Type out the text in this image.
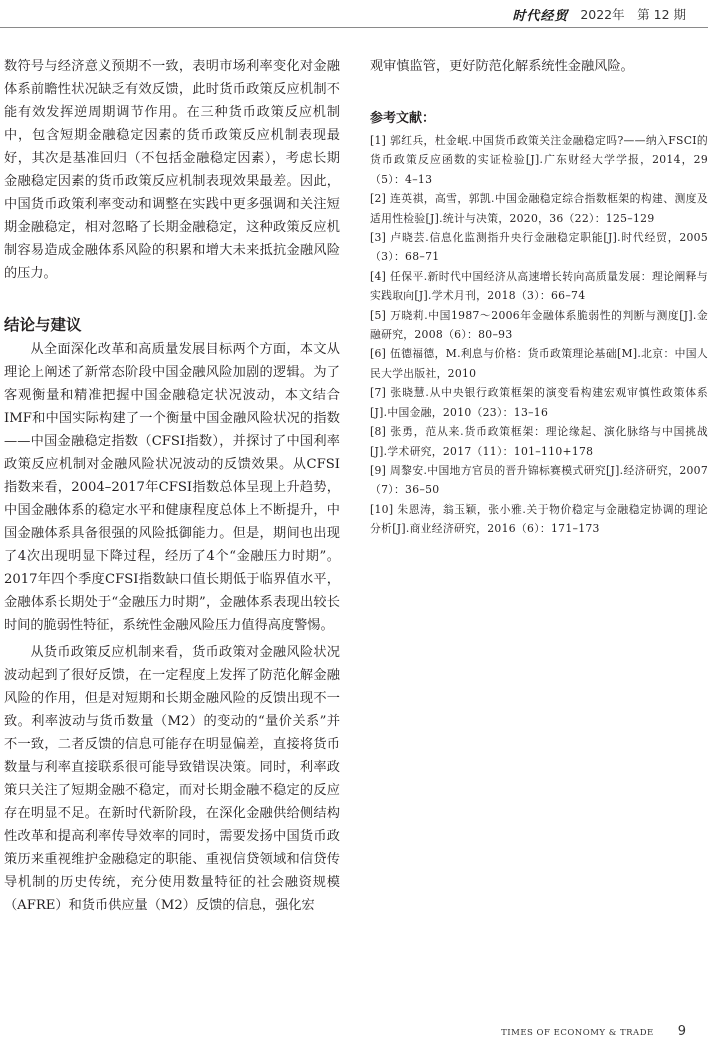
时代经贸 2022年　第 12 期

数符号与经济意义预期不一致，表明市场利率变化对金融体系前瞻性状况缺乏有效反馈，此时货币政策反应机制不能有效发挥逆周期调节作用。在三种货币政策反应机制中，包含短期金融稳定因素的货币政策反应机制表现最好，其次是基准回归（不包括金融稳定因素），考虑长期金融稳定因素的货币政策反应机制表现效果最差。因此，中国货币政策利率变动和调整在实践中更多强调和关注短期金融稳定，相对忽略了长期金融稳定，这种政策反应机制容易造成金融体系风险的积累和增大未来抵抗金融风险的压力。

结论与建议

从全面深化改革和高质量发展目标两个方面，本文从理论上阐述了新常态阶段中国金融风险加剧的逻辑。为了客观衡量和精准把握中国金融稳定状况波动，本文结合IMF和中国实际构建了一个衡量中国金融风险状况的指数——中国金融稳定指数（CFSI指数），并探讨了中国利率政策反应机制对金融风险状况波动的反馈效果。从CFSI指数来看，2004–2017年CFSI指数总体呈现上升趋势，中国金融体系的稳定水平和健康程度总体上不断提升，中国金融体系具备很强的风险抵御能力。但是，期间也出现了4次出现明显下降过程，经历了4个“金融压力时期”。2017年四个季度CFSI指数缺口值长期低于临界值水平，金融体系长期处于“金融压力时期”，金融体系表现出较长时间的脆弱性特征，系统性金融风险压力值得高度警惕。

从货币政策反应机制来看，货币政策对金融风险状况波动起到了很好反馈，在一定程度上发挥了防范化解金融风险的作用，但是对短期和长期金融风险的反馈出现不一致。利率波动与货币数量（M2）的变动的“量价关系”并不一致，二者反馈的信息可能存在明显偏差，直接将货币数量与利率直接联系很可能导致错误决策。同时，利率政策只关注了短期金融不稳定，而对长期金融不稳定的反应存在明显不足。在新时代新阶段，在深化金融供给侧结构性改革和提高利率传导效率的同时，需要发扬中国货币政策历来重视维护金融稳定的职能、重视信贷领域和信贷传导机制的历史传统，充分使用数量特征的社会融资规模（AFRE）和货币供应量（M2）反馈的信息，强化宏

观审慎监管，更好防范化解系统性金融风险。

参考文献：
[1] 郭红兵，杜金岷.中国货币政策关注金融稳定吗?——纳入FSCI的货币政策反应函数的实证检验[J].广东财经大学学报，2014，29（5）：4–13
[2] 连英祺，高雪，郭凯.中国金融稳定综合指数框架的构建、测度及适用性检验[J].统计与决策，2020，36（22）：125–129
[3] 卢晓芸.信息化监测指升央行金融稳定职能[J].时代经贸，2005（3）：68–71
[4] 任保平.新时代中国经济从高速增长转向高质量发展：理论阐释与实践取向[J].学术月刊，2018（3）：66–74
[5] 万晓莉.中国1987～2006年金融体系脆弱性的判断与测度[J].金融研究，2008（6）：80–93
[6] 伍德福德，M.利息与价格：货币政策理论基础[M].北京：中国人民大学出版社，2010
[7] 张晓慧.从中央银行政策框架的演变看构建宏观审慎性政策体系[J].中国金融，2010（23）：13–16
[8] 张勇，范从来.货币政策框架：理论缘起、演化脉络与中国挑战[J].学术研究，2017（11）：101–110+178
[9] 周黎安.中国地方官员的晋升锦标赛模式研究[J].经济研究，2007（7）：36–50
[10] 朱恩涛，翁玉颖，张小雅.关于物价稳定与金融稳定协调的理论分析[J].商业经济研究，2016（6）：171–173
TIMES OF ECONOMY & TRADE 9
